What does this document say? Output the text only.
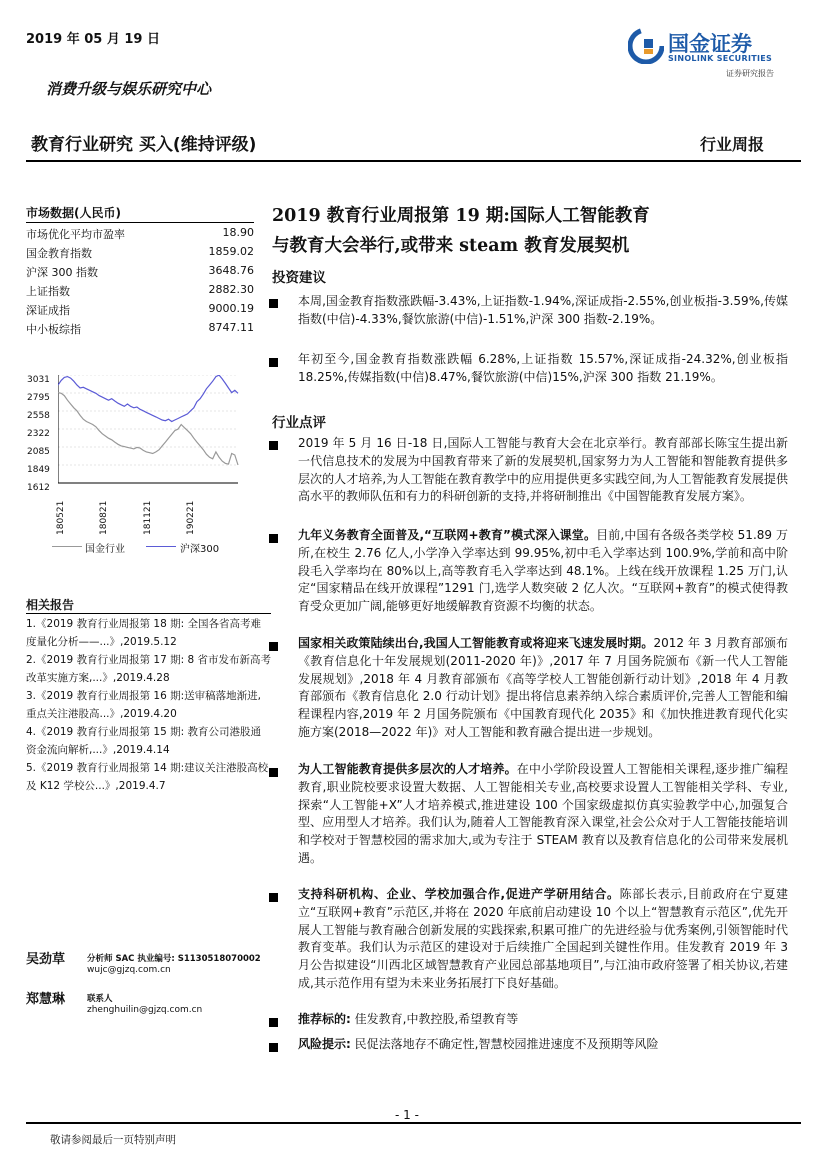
2019 年 05 月 19 日	国金证券
SINOLINK SECURITIES
证券研究报告
消费升级与娱乐研究中心
教育行业研究 买入(维持评级)	行业周报
市场数据(人民币)
市场优化平均市盈率	18.90
国金教育指数	1859.02
沪深 300 指数	3648.76
上证指数	2882.30
深证成指	9000.19
中小板综指	8747.11
3031
2795
2558
2322
2085
1849
1612
180521	180821	181121	190221
国金行业	沪深300
相关报告
1.《2019 教育行业周报第 18 期: 全国各省高考难度量化分析——...》,2019.5.12
2.《2019 教育行业周报第 17 期: 8 省市发布新高考改革实施方案,...》,2019.4.28
3.《2019 教育行业周报第 16 期:送审稿落地渐进,重点关注港股高...》,2019.4.20
4.《2019 教育行业周报第 15 期: 教育公司港股通资金流向解析,...》,2019.4.14
5.《2019 教育行业周报第 14 期:建议关注港股高校及 K12 学校公...》,2019.4.7
吴劲草	分析师 SAC 执业编号: S1130518070002
wujc@gjzq.com.cn
郑慧琳	联系人
zhenghuilin@gjzq.com.cn
2019 教育行业周报第 19 期:国际人工智能教育
与教育大会举行,或带来 steam 教育发展契机
投资建议
本周,国金教育指数涨跌幅-3.43%,上证指数-1.94%,深证成指-2.55%,创业板指-3.59%,传媒指数(中信)-4.33%,餐饮旅游(中信)-1.51%,沪深 300 指数-2.19%。
年初至今,国金教育指数涨跌幅 6.28%,上证指数 15.57%,深证成指-24.32%,创业板指 18.25%,传媒指数(中信)8.47%,餐饮旅游(中信)15%,沪深 300 指数 21.19%。
行业点评
2019 年 5 月 16 日-18 日,国际人工智能与教育大会在北京举行。教育部部长陈宝生提出新一代信息技术的发展为中国教育带来了新的发展契机,国家努力为人工智能和智能教育提供多层次的人才培养,为人工智能在教育教学中的应用提供更多实践空间,为人工智能教育发展提供高水平的教师队伍和有力的科研创新的支持,并将研制推出《中国智能教育发展方案》。
九年义务教育全面普及,“互联网+教育”模式深入课堂。目前,中国有各级各类学校 51.89 万所,在校生 2.76 亿人,小学净入学率达到 99.95%,初中毛入学率达到 100.9%,学前和高中阶段毛入学率均在 80%以上,高等教育毛入学率达到 48.1%。上线在线开放课程 1.25 万门,认定“国家精品在线开放课程”1291 门,选学人数突破 2 亿人次。“互联网+教育”的模式使得教育受众更加广阔,能够更好地缓解教育资源不均衡的状态。
国家相关政策陆续出台,我国人工智能教育或将迎来飞速发展时期。2012 年 3 月教育部颁布《教育信息化十年发展规划(2011-2020 年)》,2017 年 7 月国务院颁布《新一代人工智能发展规划》,2018 年 4 月教育部颁布《高等学校人工智能创新行动计划》,2018 年 4 月教育部颁布《教育信息化 2.0 行动计划》提出将信息素养纳入综合素质评价,完善人工智能和编程课程内容,2019 年 2 月国务院颁布《中国教育现代化 2035》和《加快推进教育现代化实施方案(2018—2022 年)》对人工智能和教育融合提出进一步规划。
为人工智能教育提供多层次的人才培养。在中小学阶段设置人工智能相关课程,逐步推广编程教育,职业院校要求设置大数据、人工智能相关专业,高校要求设置人工智能相关学科、专业,探索“人工智能+X”人才培养模式,推进建设 100 个国家级虚拟仿真实验教学中心,加强复合型、应用型人才培养。我们认为,随着人工智能教育深入课堂,社会公众对于人工智能技能培训和学校对于智慧校园的需求加大,或为专注于 STEAM 教育以及教育信息化的公司带来发展机遇。
支持科研机构、企业、学校加强合作,促进产学研用结合。陈部长表示,目前政府在宁夏建立“互联网+教育”示范区,并将在 2020 年底前启动建设 10 个以上“智慧教育示范区”,优先开展人工智能与教育融合创新发展的实践探索,积累可推广的先进经验与优秀案例,引领智能时代教育变革。我们认为示范区的建设对于后续推广全国起到关键性作用。佳发教育 2019 年 3 月公告拟建设“川西北区域智慧教育产业园总部基地项目”,与江油市政府签署了相关协议,若建成,其示范作用有望为未来业务拓展打下良好基础。
推荐标的: 佳发教育,中教控股,希望教育等
风险提示: 民促法落地存不确定性,智慧校园推进速度不及预期等风险
- 1 -
敬请参阅最后一页特别声明
